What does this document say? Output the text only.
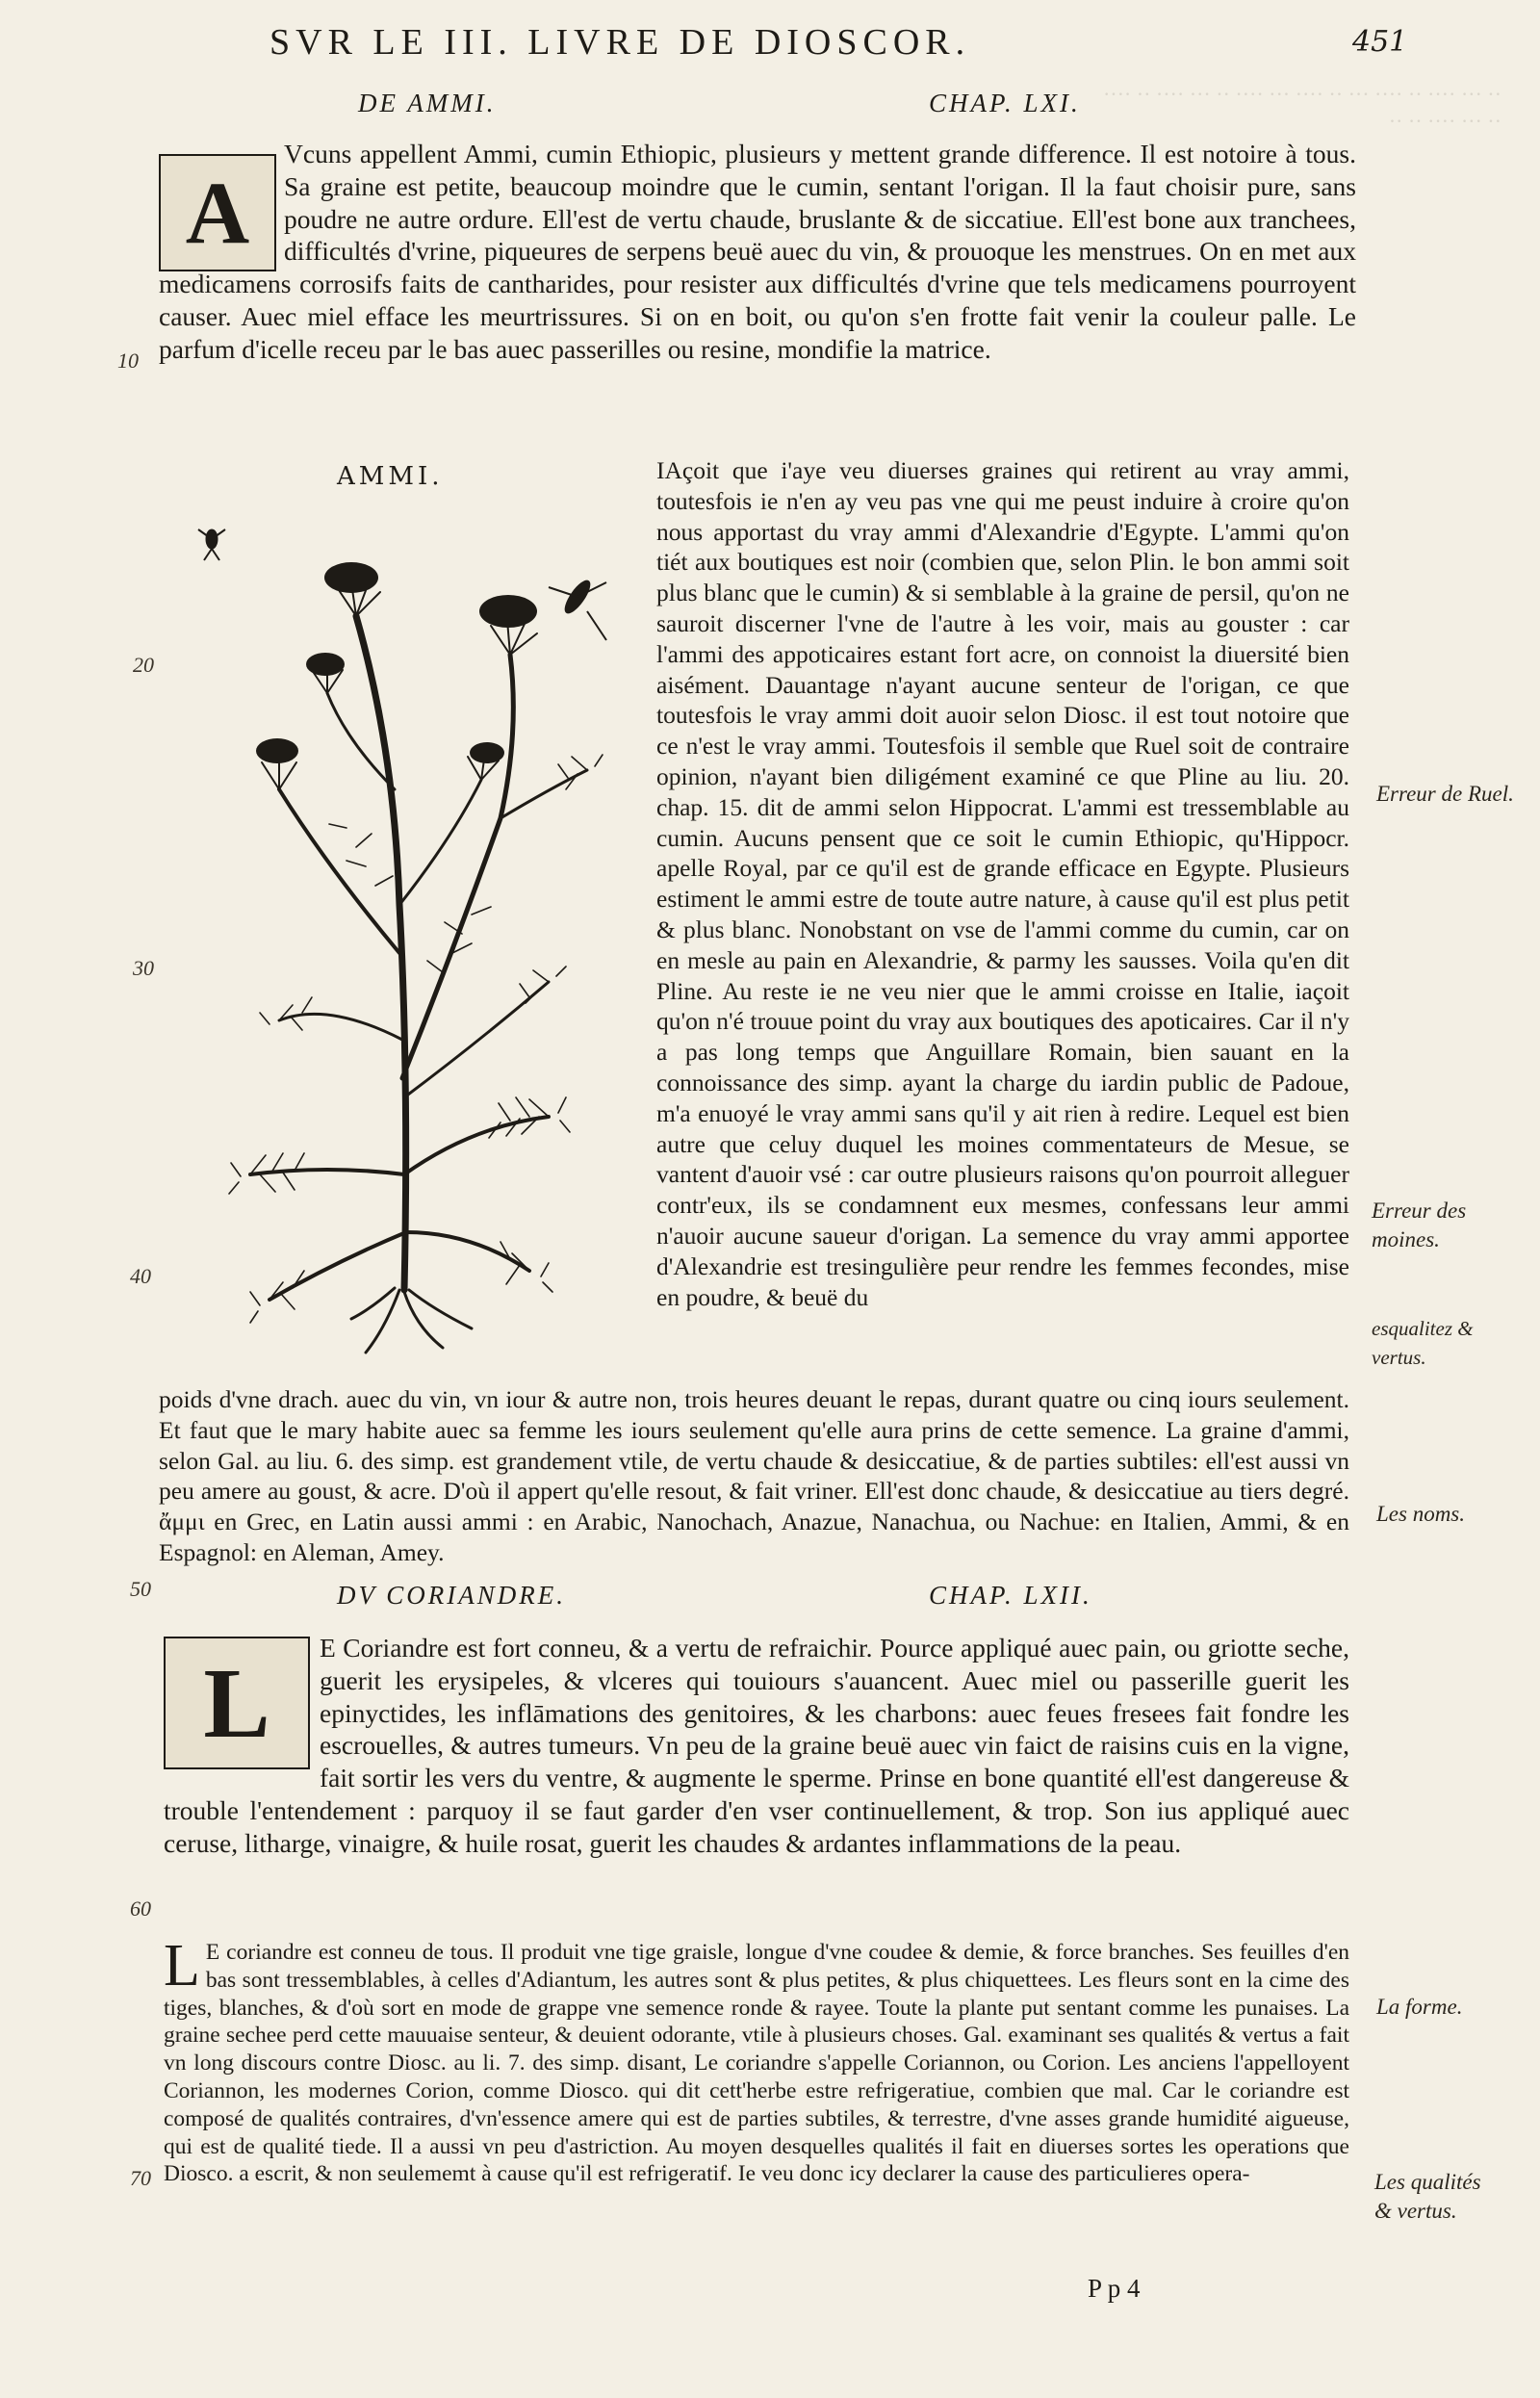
·· ··· ···· ·· ···· ··· ·· ···· ··· ···· ·· ··· ···· ·· ···· ·· ··· ···· ·· ··
SVR LE III. LIVRE DE DIOSCOR.	451
DE AMMI.	CHAP. LXI.
A
Vcuns appellent Ammi, cumin Ethiopic, plusieurs y mettent grande difference. Il est notoire à tous. Sa graine est petite, beaucoup moindre que le cumin, sentant l'origan. Il la faut choisir pure, sans poudre ne autre ordure. Ell'est de vertu chaude, bruslante & de siccatiue. Ell'est bone aux tranchees, difficultés d'vrine, piqueures de serpens beuë auec du vin, & prouoque les menstrues. On en met aux medicamens corrosifs faits de cantharides, pour resister aux difficultés d'vrine que tels medicamens pourroyent causer. Auec miel efface les meurtrissures. Si on en boit, ou qu'on s'en frotte fait venir la couleur palle. Le parfum d'icelle receu par le bas auec passerilles ou resine, mondifie la matrice.
AMMI.	IAçoit que i'aye veu diuerses graines qui retirent au vray ammi, toutesfois ie n'en ay veu pas vne qui me peust induire à croire qu'on nous apportast du vray ammi d'Alexandrie d'Egypte. L'ammi qu'on tiét aux boutiques est noir (combien que, selon Plin. le bon ammi soit plus blanc que le cumin) & si semblable à la graine de persil, qu'on ne sauroit discerner l'vne de l'autre à les voir, mais au gouster : car l'ammi des appoticaires estant fort acre, on connoist la diuersité bien aisément. Dauantage n'ayant aucune senteur de l'origan, ce que toutesfois le vray ammi doit auoir selon Diosc. il est tout notoire que ce n'est le vray ammi. Toutesfois il semble que Ruel soit de contraire opinion, n'ayant bien diligément examiné ce que Pline au liu. 20. chap. 15. dit de ammi selon Hippocrat. L'ammi est tressemblable au cumin. Aucuns pensent que ce soit le cumin Ethiopic, qu'Hippocr. apelle Royal, par ce qu'il est de grande efficace en Egypte. Plusieurs estiment le ammi estre de toute autre nature, à cause qu'il est plus petit & plus blanc. Nonobstant on vse de l'ammi comme du cumin, car on en mesle au pain en Alexandrie, & parmy les sausses. Voila qu'en dit Pline. Au reste ie ne veu nier que le ammi croisse en Italie, iaçoit qu'on n'é trouue point du vray aux boutiques des apoticaires. Car il n'y a pas long temps que Anguillare Romain, bien sauant en la connoissance des simp. ayant la charge du iardin public de Padoue, m'a enuoyé le vray ammi sans qu'il y ait rien à redire. Lequel est bien autre que celuy duquel les moines commentateurs de Mesue, se vantent d'auoir vsé : car outre plusieurs raisons qu'on pourroit alleguer contr'eux, ils se condamnent eux mesmes, confessans leur ammi n'auoir aucune saueur d'origan. La semence du vray ammi apportee d'Alexandrie est tresingulière peur rendre les femmes fecondes, mise en poudre, & beuë du
poids d'vne drach. auec du vin, vn iour & autre non, trois heures deuant le repas, durant quatre ou cinq iours seulement. Et faut que le mary habite auec sa femme les iours seulement qu'elle aura prins de cette semence. La graine d'ammi, selon Gal. au liu. 6. des simp. est grandement vtile, de vertu chaude & desiccatiue, & de parties subtiles: ell'est aussi vn peu amere au goust, & acre. D'où il appert qu'elle resout, & fait vriner. Ell'est donc chaude, & desiccatiue au tiers degré. ἄμμι en Grec, en Latin aussi ammi : en Arabic, Nanochach, Anazue, Nanachua, ou Nachue: en Italien, Ammi, & en Espagnol: en Aleman, Amey.
DV CORIANDRE.	CHAP. LXII.
L	E Coriandre est fort conneu, & a vertu de refraichir. Pource appliqué auec pain, ou griotte seche, guerit les erysipeles, & vlceres qui touiours s'auancent. Auec miel ou passerille guerit les epinyctides, les inflāmations des genitoires, & les charbons: auec feues fresees fait fondre les escrouelles, & autres tumeurs. Vn peu de la graine beuë auec vin faict de raisins cuis en la vigne, fait sortir les vers du ventre, & augmente le sperme. Prinse en bone quantité ell'est dangereuse & trouble l'entendement : parquoy il se faut garder d'en vser continuellement, & trop. Son ius appliqué auec ceruse, litharge, vinaigre, & huile rosat, guerit les chaudes & ardantes inflammations de la peau.
L E coriandre est conneu de tous. Il produit vne tige graisle, longue d'vne coudee & demie, & force branches. Ses feuilles d'en bas sont tressemblables, à celles d'Adiantum, les autres sont & plus petites, & plus chiquettees. Les fleurs sont en la cime des tiges, blanches, & d'où sort en mode de grappe vne semence ronde & rayee. Toute la plante put sentant comme les punaises. La graine sechee perd cette mauuaise senteur, & deuient odorante, vtile à plusieurs choses. Gal. examinant ses qualités & vertus a fait vn long discours contre Diosc. au li. 7. des simp. disant, Le coriandre s'appelle Coriannon, ou Corion. Les anciens l'appelloyent Coriannon, les modernes Corion, comme Diosco. qui dit cett'herbe estre refrigeratiue, combien que mal. Car le coriandre est composé de qualités contraires, d'vn'essence amere qui est de parties subtiles, & terrestre, d'vne asses grande humidité aigueuse, qui est de qualité tiede. Il a aussi vn peu d'astriction. Au moyen desquelles qualités il fait en diuerses sortes les operations que Diosco. a escrit, & non seulememt à cause qu'il est refrigeratif. Ie veu donc icy declarer la cause des particulieres opera-
Erreur de Ruel.
Erreur des moines.
esqualitez & vertus.
Les noms.
La forme.
Les qualités & vertus.
10
20
30
40
50
60
70
P p 4
